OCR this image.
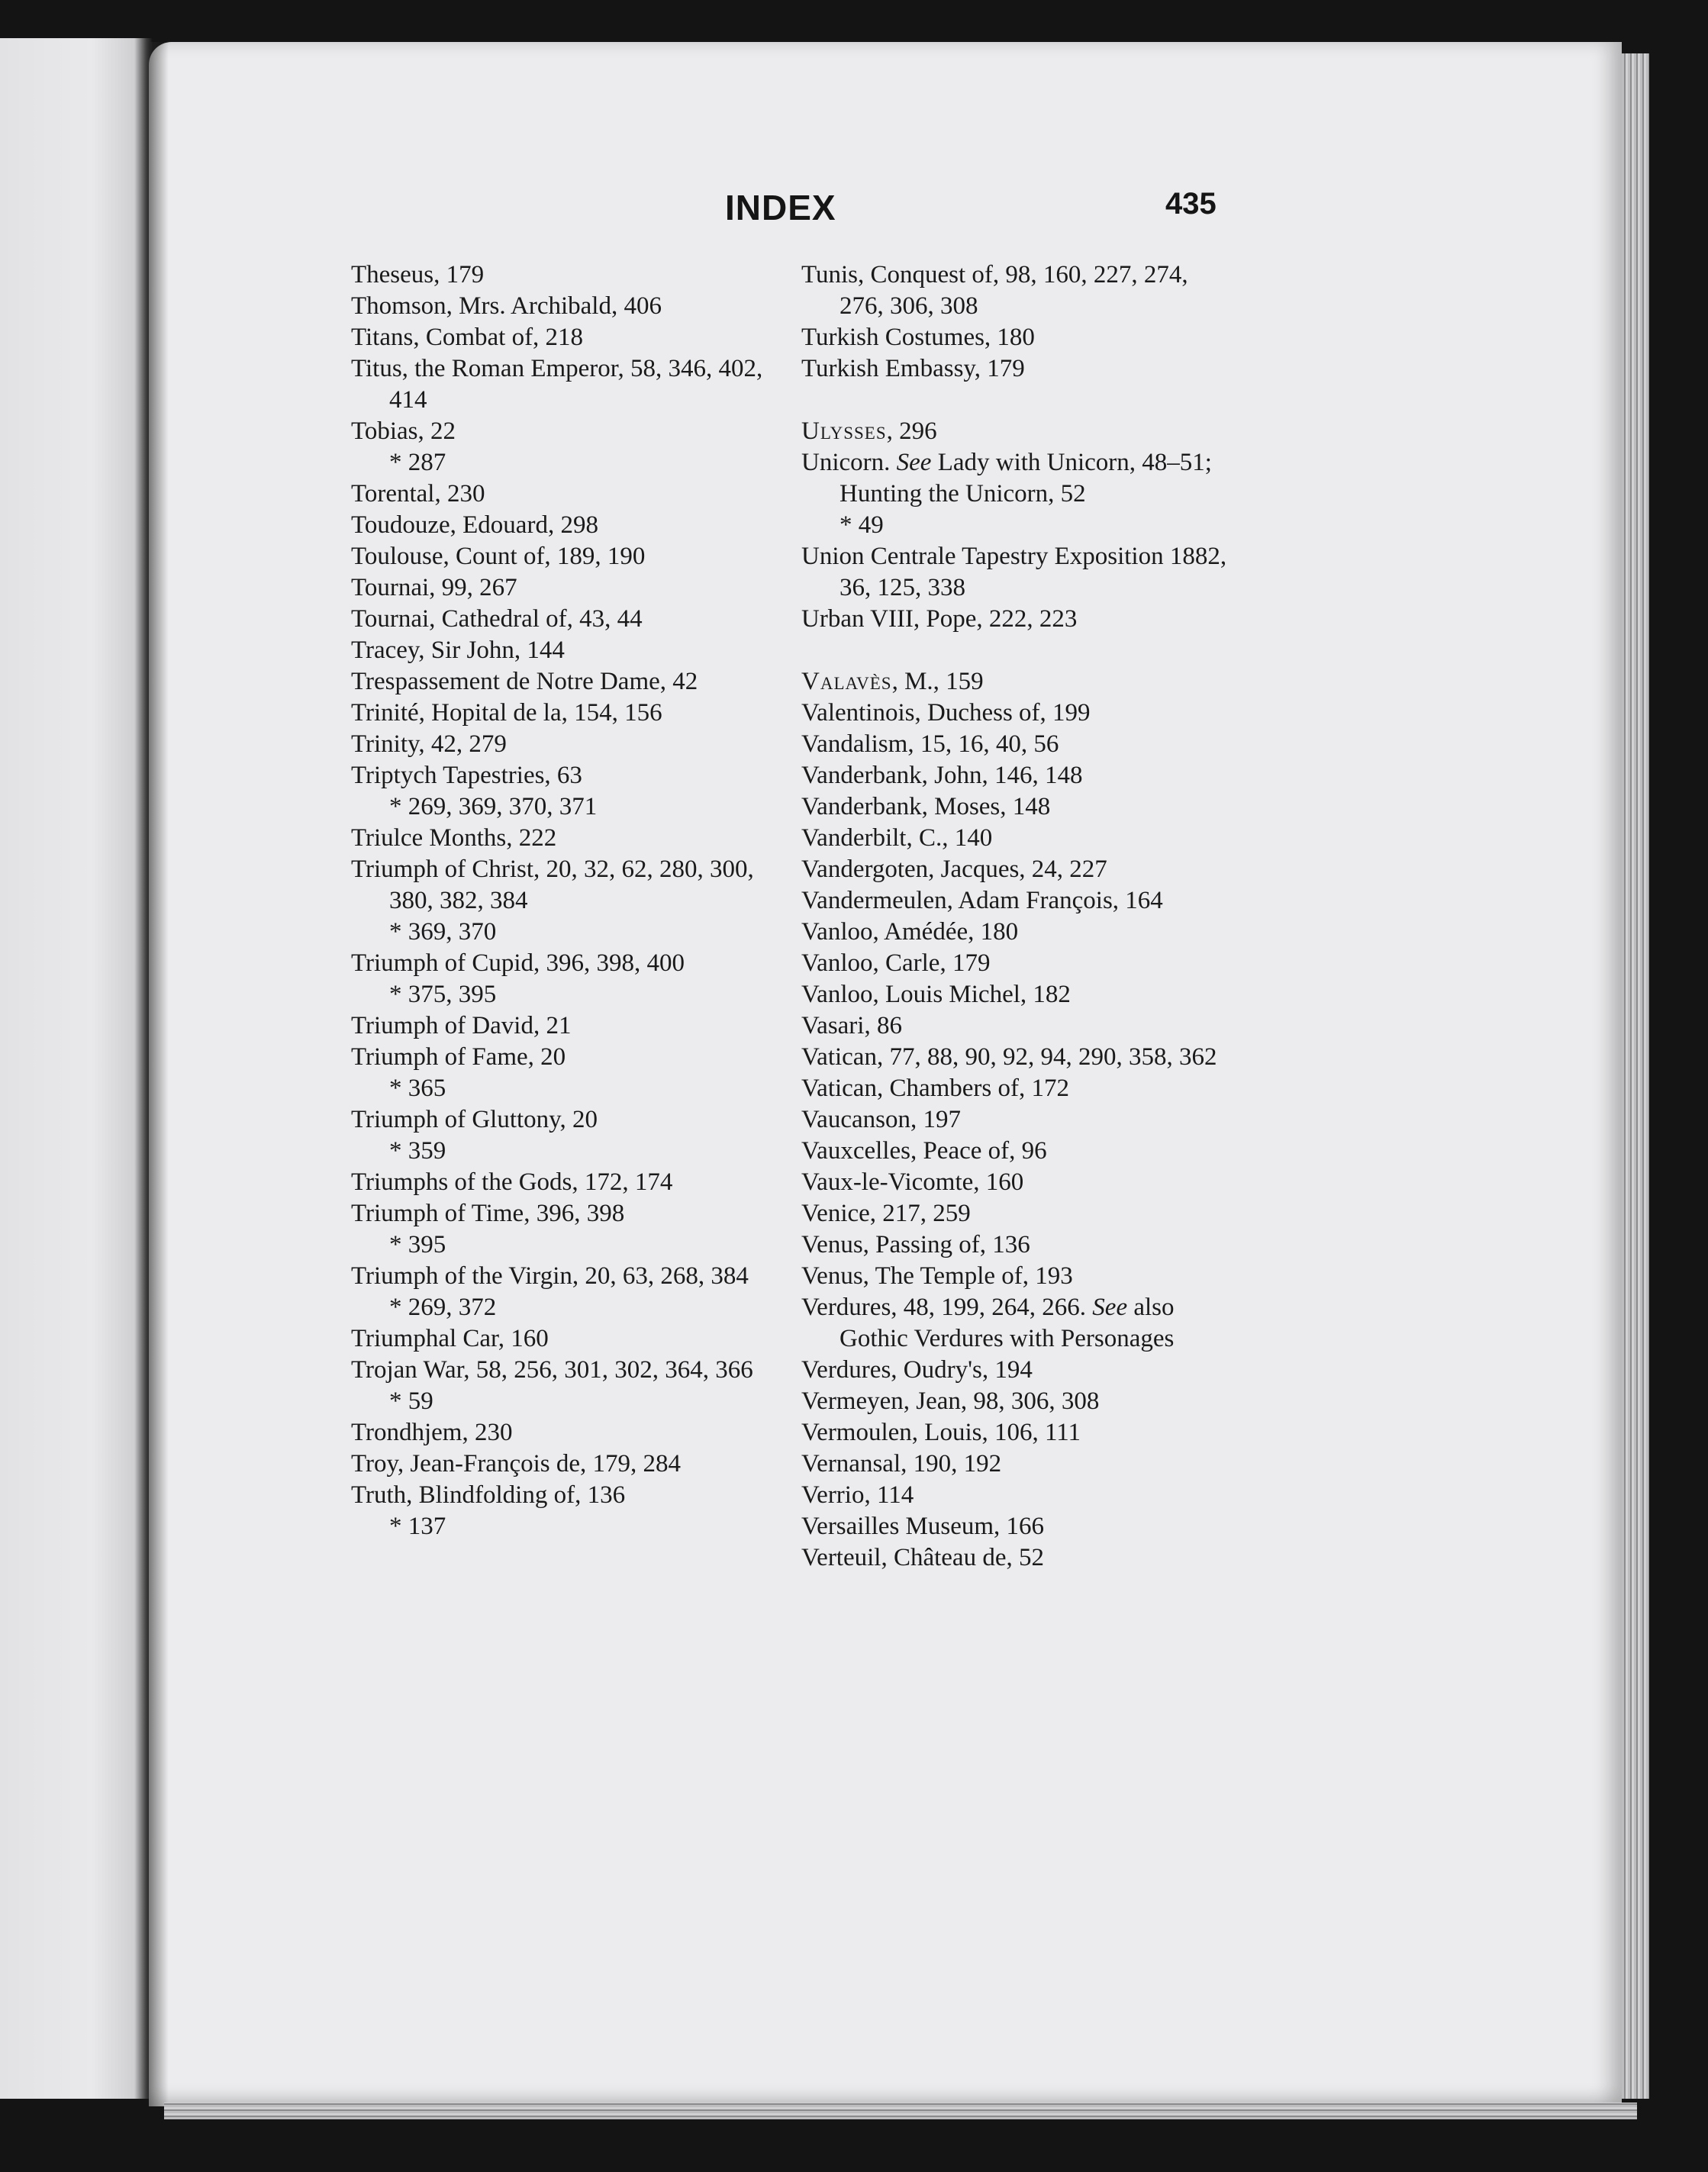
INDEX	435

Theseus, 179

Thomson, Mrs. Archibald, 406

Titans, Combat of, 218

Titus, the Roman Emperor, 58, 346, 402, 414

Tobias, 22

* 287

Torental, 230

Toudouze, Edouard, 298

Toulouse, Count of, 189, 190

Tournai, 99, 267

Tournai, Cathedral of, 43, 44

Tracey, Sir John, 144

Trespassement de Notre Dame, 42

Trinité, Hopital de la, 154, 156

Trinity, 42, 279

Triptych Tapestries, 63

* 269, 369, 370, 371

Triulce Months, 222

Triumph of Christ, 20, 32, 62, 280, 300, 380, 382, 384

* 369, 370

Triumph of Cupid, 396, 398, 400

* 375, 395

Triumph of David, 21

Triumph of Fame, 20

* 365

Triumph of Gluttony, 20

* 359

Triumphs of the Gods, 172, 174

Triumph of Time, 396, 398

* 395

Triumph of the Virgin, 20, 63, 268, 384

* 269, 372

Triumphal Car, 160

Trojan War, 58, 256, 301, 302, 364, 366

* 59

Trondhjem, 230

Troy, Jean-François de, 179, 284

Truth, Blindfolding of, 136

* 137

Tunis, Conquest of, 98, 160, 227, 274, 276, 306, 308

Turkish Costumes, 180

Turkish Embassy, 179

Ulysses, 296

Unicorn. See Lady with Unicorn, 48–51; Hunting the Unicorn, 52

* 49

Union Centrale Tapestry Exposition 1882, 36, 125, 338

Urban VIII, Pope, 222, 223

Valavès, M., 159

Valentinois, Duchess of, 199

Vandalism, 15, 16, 40, 56

Vanderbank, John, 146, 148

Vanderbank, Moses, 148

Vanderbilt, C., 140

Vandergoten, Jacques, 24, 227

Vandermeulen, Adam François, 164

Vanloo, Amédée, 180

Vanloo, Carle, 179

Vanloo, Louis Michel, 182

Vasari, 86

Vatican, 77, 88, 90, 92, 94, 290, 358, 362

Vatican, Chambers of, 172

Vaucanson, 197

Vauxcelles, Peace of, 96

Vaux-le-Vicomte, 160

Venice, 217, 259

Venus, Passing of, 136

Venus, The Temple of, 193

Verdures, 48, 199, 264, 266. See also Gothic Verdures with Personages

Verdures, Oudry's, 194

Vermeyen, Jean, 98, 306, 308

Vermoulen, Louis, 106, 111

Vernansal, 190, 192

Verrio, 114

Versailles Museum, 166

Verteuil, Château de, 52
